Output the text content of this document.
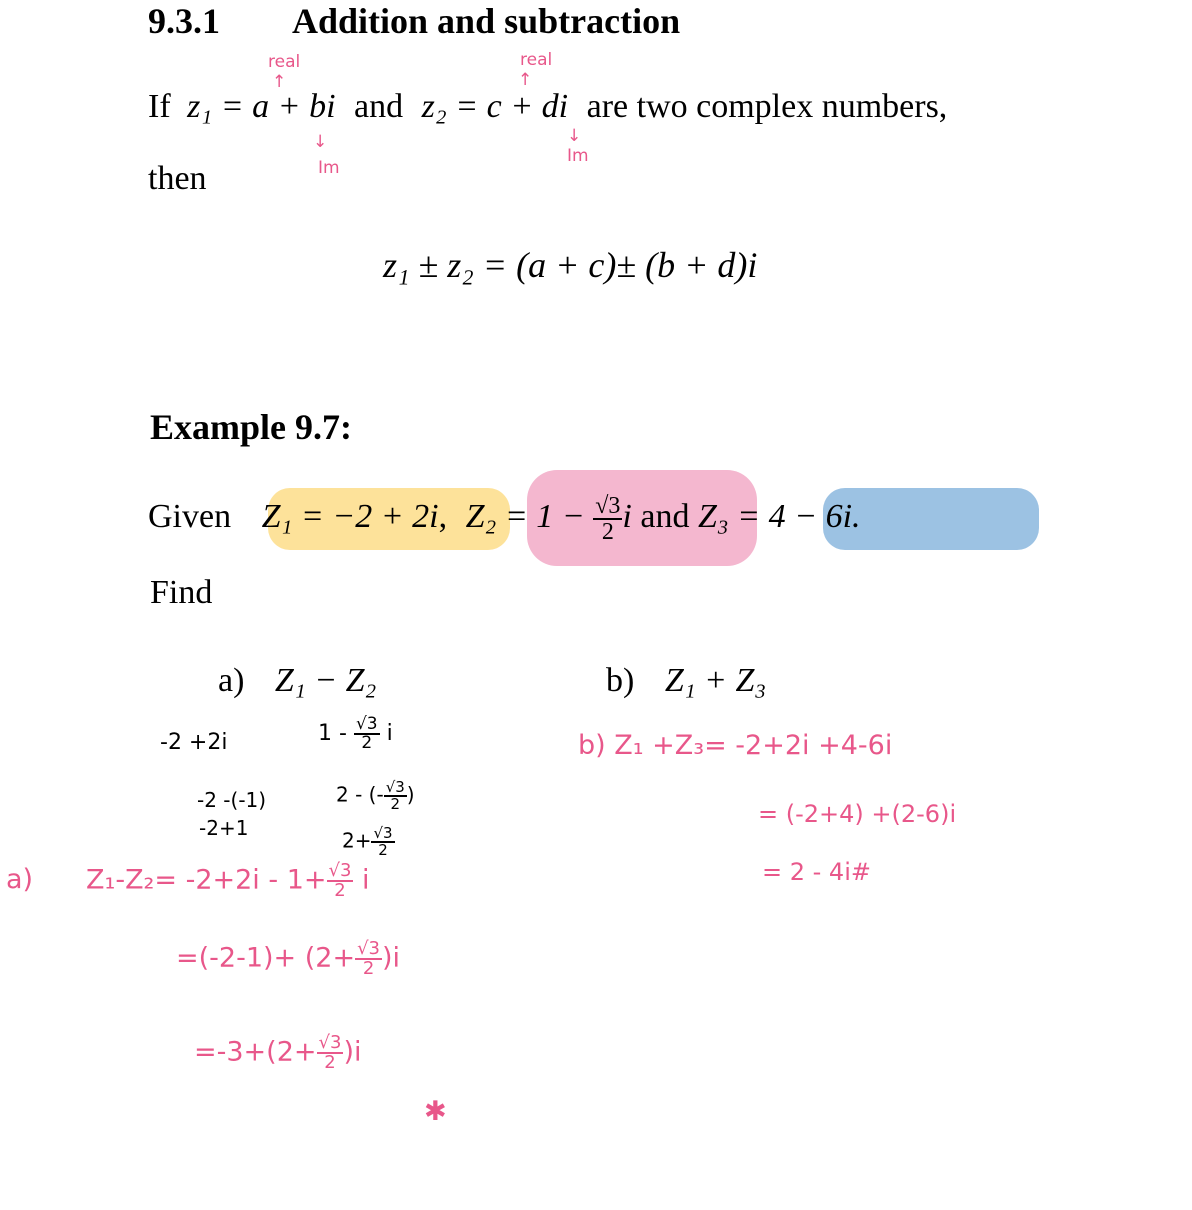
9.3.1 Addition and subtraction
If z₁ = a + bi and z₂ = c + di are two complex numbers,
real
↑
real
↑
↓
Im
↓
Im
then
z₁ ± z₂ = (a + c)± (b + d)i
Example 9.7:
Given Z₁ = −2 + 2i, $Z_2 = 1 - \frac{√3}{2}$ i and Z₃ = 4 − 6i.
Find
a) Z₁ − Z₂	b) Z₁ + Z₃
-2 +2i	$1 - \frac{√3}{2}$ i
-2 -(-1)
-2+1
2 - (- $\frac{√3}{2}$ )
$2+ \frac{√3}{2}$
a) $Z_1-Z_2= -2+2i - 1+ \frac{√3}{2}$ i
$=(-2-1)+ (2+ \frac{√3}{2} )i$
$=-3+(2+ \frac{√3}{2} )i$
✱
b) Z₁ +Z₃= -2+2i +4-6i
= (-2+4) +(2-6)i
= 2 - 4i#
